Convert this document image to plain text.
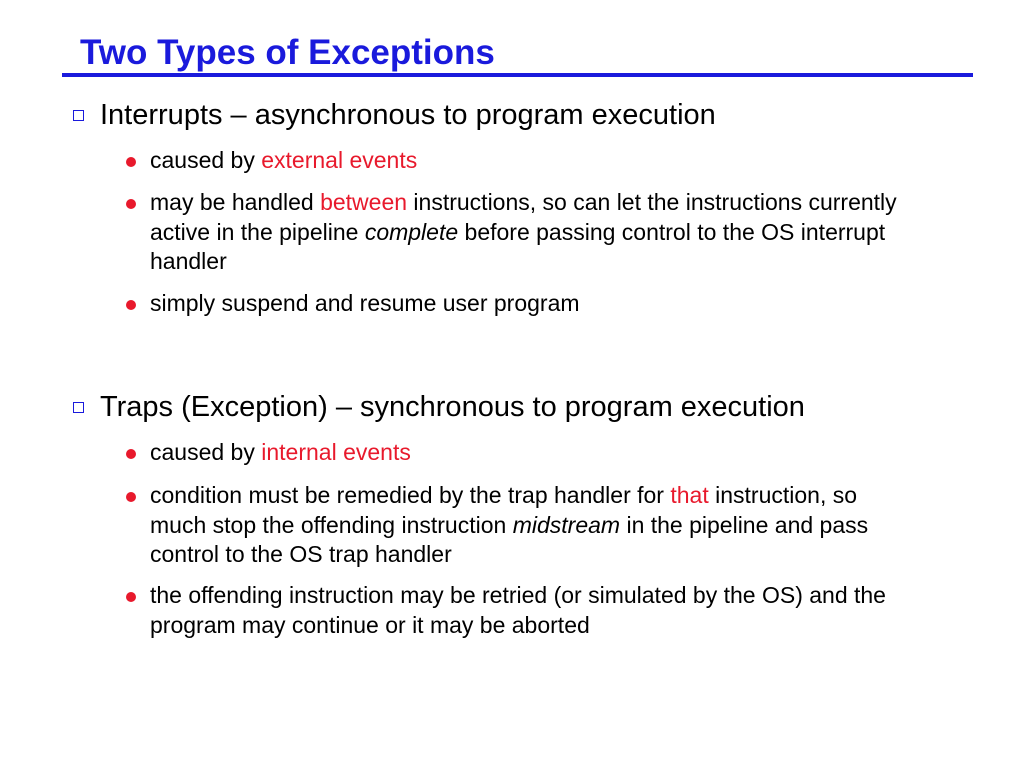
Two Types of Exceptions
Interrupts – asynchronous to program execution
caused by external events
may be handled between instructions, so can let the instructions currently active in the pipeline complete before passing control to the OS interrupt handler
simply suspend and resume user program
Traps (Exception) – synchronous to program execution
caused by internal events
condition must be remedied by the trap handler for that instruction, so much stop the offending instruction midstream in the pipeline and pass control to the OS trap handler
the offending instruction may be retried (or simulated by the OS) and the program may continue or it may be aborted
